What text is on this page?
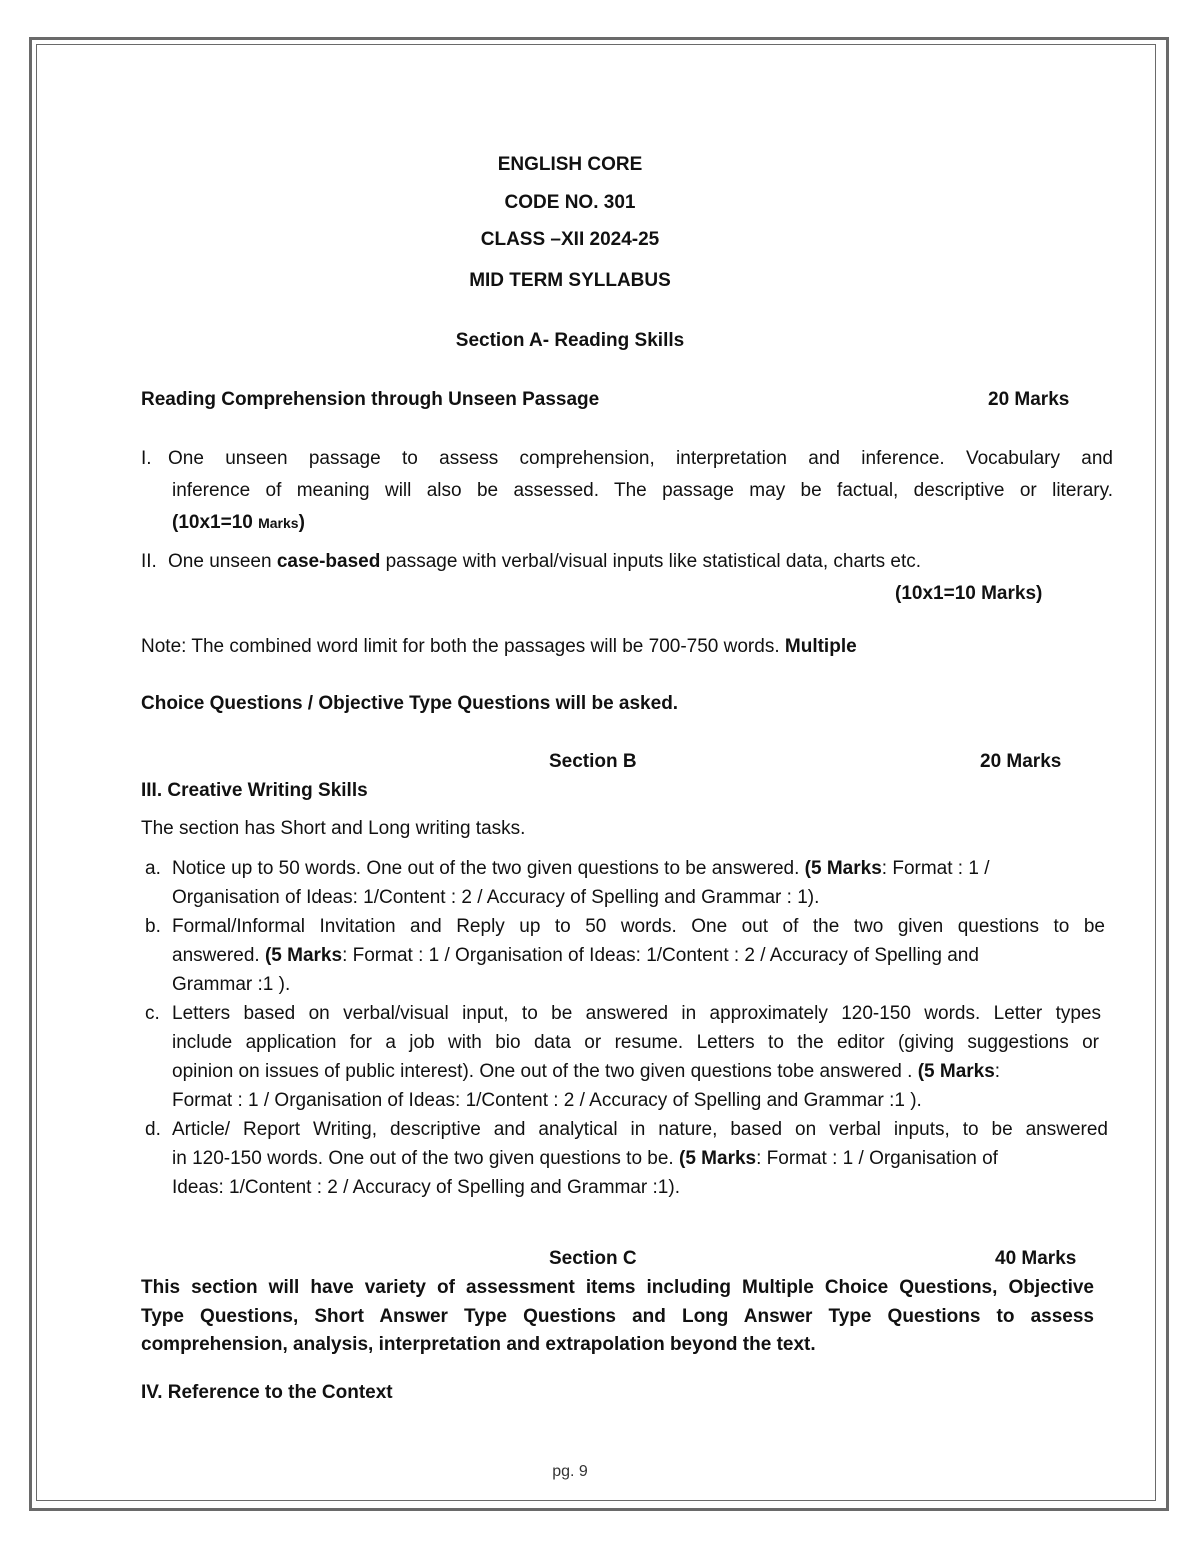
ENGLISH CORE
CODE NO. 301
CLASS –XII 2024-25
MID TERM SYLLABUS
Section A- Reading Skills
Reading Comprehension through Unseen Passage	20 Marks
I. One unseen passage to assess comprehension, interpretation and inference. Vocabulary and
inference of meaning will also be assessed. The passage may be factual, descriptive or literary.
(10x1=10 Marks)
II. One unseen case-based passage with verbal/visual inputs like statistical data, charts etc.
(10x1=10 Marks)
Note: The combined word limit for both the passages will be 700-750 words. Multiple
Choice Questions / Objective Type Questions will be asked.
Section B	20 Marks
III. Creative Writing Skills
The section has Short and Long writing tasks.
a. Notice up to 50 words. One out of the two given questions to be answered. (5 Marks: Format : 1 /
Organisation of Ideas: 1/Content : 2 / Accuracy of Spelling and Grammar : 1).
b. Formal/Informal Invitation and Reply up to 50 words. One out of the two given questions to be
answered. (5 Marks: Format : 1 / Organisation of Ideas: 1/Content : 2 / Accuracy of Spelling and
Grammar :1 ).
c. Letters based on verbal/visual input, to be answered in approximately 120-150 words. Letter types
include application for a job with bio data or resume. Letters to the editor (giving suggestions or
opinion on issues of public interest). One out of the two given questions tobe answered . (5 Marks:
Format : 1 / Organisation of Ideas: 1/Content : 2 / Accuracy of Spelling and Grammar :1 ).
d. Article/ Report Writing, descriptive and analytical in nature, based on verbal inputs, to be answered
in 120-150 words. One out of the two given questions to be. (5 Marks: Format : 1 / Organisation of
Ideas: 1/Content : 2 / Accuracy of Spelling and Grammar :1).
Section C	40 Marks
This section will have variety of assessment items including Multiple Choice Questions, Objective
Type Questions, Short Answer Type Questions and Long Answer Type Questions to assess
comprehension, analysis, interpretation and extrapolation beyond the text.
IV. Reference to the Context
pg. 9
